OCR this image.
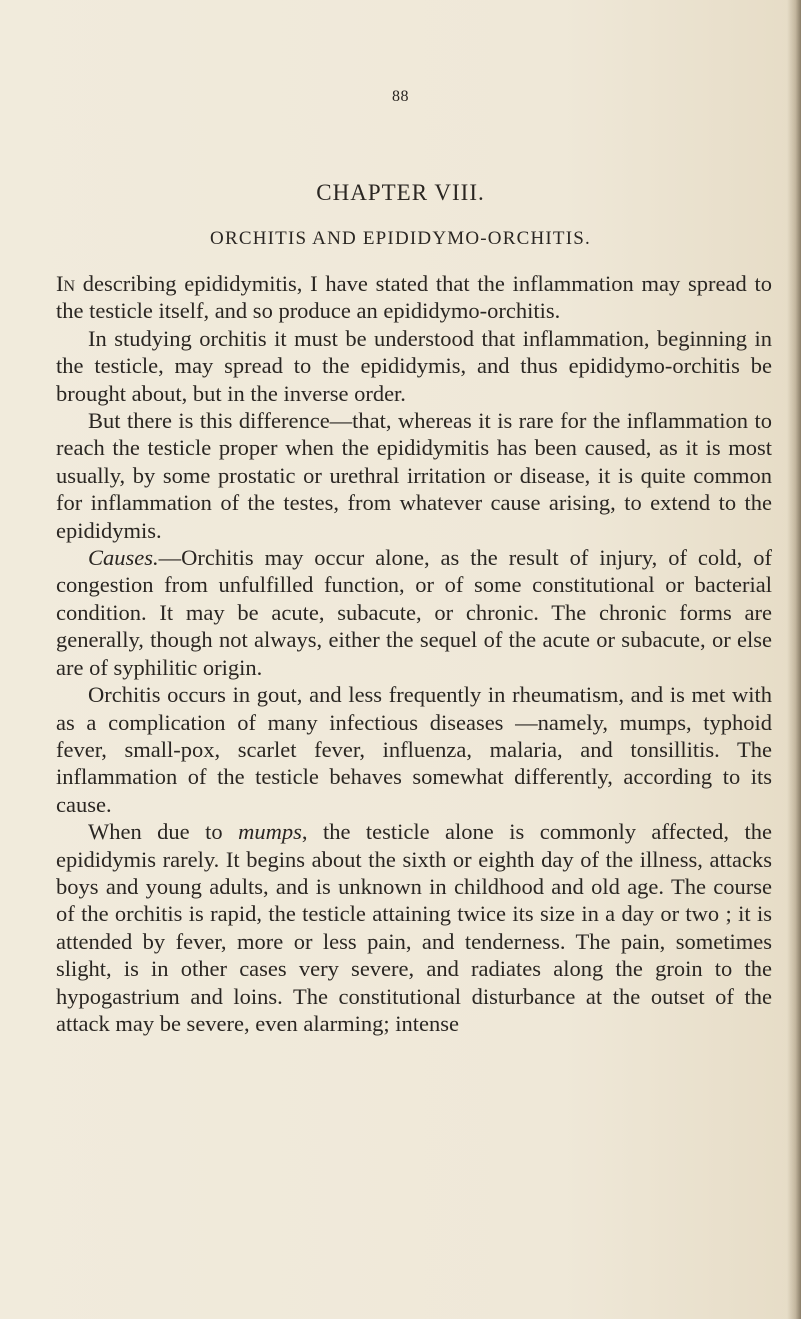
88
CHAPTER VIII.
ORCHITIS AND EPIDIDYMO-ORCHITIS.

In describing epididymitis, I have stated that the inflammation may spread to the testicle itself, and so produce an epididymo-orchitis.

In studying orchitis it must be understood that inflammation, beginning in the testicle, may spread to the epididymis, and thus epididymo-orchitis be brought about, but in the inverse order.

But there is this difference—that, whereas it is rare for the inflammation to reach the testicle proper when the epididymitis has been caused, as it is most usually, by some prostatic or urethral irritation or disease, it is quite common for inflammation of the testes, from whatever cause arising, to extend to the epididymis.

Causes.—Orchitis may occur alone, as the result of injury, of cold, of congestion from unfulfilled function, or of some constitutional or bacterial condition. It may be acute, subacute, or chronic. The chronic forms are generally, though not always, either the sequel of the acute or subacute, or else are of syphilitic origin.

Orchitis occurs in gout, and less frequently in rheumatism, and is met with as a complication of many infectious diseases —namely, mumps, typhoid fever, small-pox, scarlet fever, influenza, malaria, and tonsillitis. The inflammation of the testicle behaves somewhat differently, according to its cause.

When due to mumps, the testicle alone is commonly affected, the epididymis rarely. It begins about the sixth or eighth day of the illness, attacks boys and young adults, and is unknown in childhood and old age. The course of the orchitis is rapid, the testicle attaining twice its size in a day or two ; it is attended by fever, more or less pain, and tenderness. The pain, sometimes slight, is in other cases very severe, and radiates along the groin to the hypogastrium and loins. The constitutional disturbance at the outset of the attack may be severe, even alarming; intense
